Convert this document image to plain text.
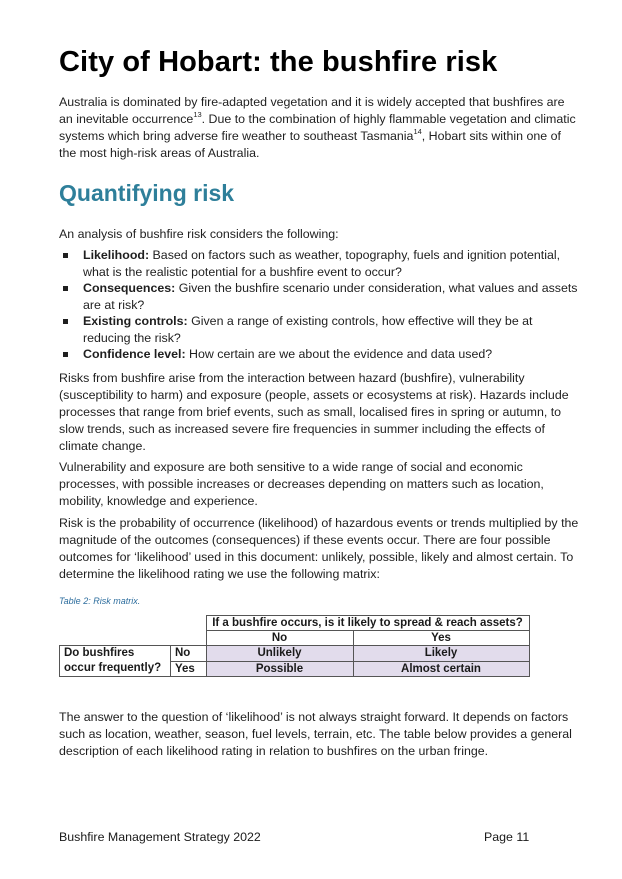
City of Hobart: the bushfire risk

Australia is dominated by fire-adapted vegetation and it is widely accepted that bushfires are an inevitable occurrence$^{13}$. Due to the combination of highly flammable vegetation and climatic systems which bring adverse fire weather to southeast Tasmania$^{14}$, Hobart sits within one of the most high-risk areas of Australia.

Quantifying risk

An analysis of bushfire risk considers the following:

Likelihood: Based on factors such as weather, topography, fuels and ignition potential, what is the realistic potential for a bushfire event to occur?
Consequences: Given the bushfire scenario under consideration, what values and assets are at risk?
Existing controls: Given a range of existing controls, how effective will they be at reducing the risk?
Confidence level: How certain are we about the evidence and data used?

Risks from bushfire arise from the interaction between hazard (bushfire), vulnerability (susceptibility to harm) and exposure (people, assets or ecosystems at risk). Hazards include processes that range from brief events, such as small, localised fires in spring or autumn, to slow trends, such as increased severe fire frequencies in summer including the effects of climate change.

Vulnerability and exposure are both sensitive to a wide range of social and economic processes, with possible increases or decreases depending on matters such as location, mobility, knowledge and experience.

Risk is the probability of occurrence (likelihood) of hazardous events or trends multiplied by the magnitude of the outcomes (consequences) if these events occur. There are four possible outcomes for ‘likelihood’ used in this document: unlikely, possible, likely and almost certain. To determine the likelihood rating we use the following matrix:

Table 2: Risk matrix.
		If a bushfire occurs, is it likely to spread & reach assets?	
		No	Yes
Do bushfires occur frequently?	No	Unlikely	Likely
	Yes	Possible	Almost certain

The answer to the question of ‘likelihood’ is not always straight forward. It depends on factors such as location, weather, season, fuel levels, terrain, etc. The table below provides a general description of each likelihood rating in relation to bushfires on the urban fringe.

Bushfire Management Strategy 2022	Page 11
